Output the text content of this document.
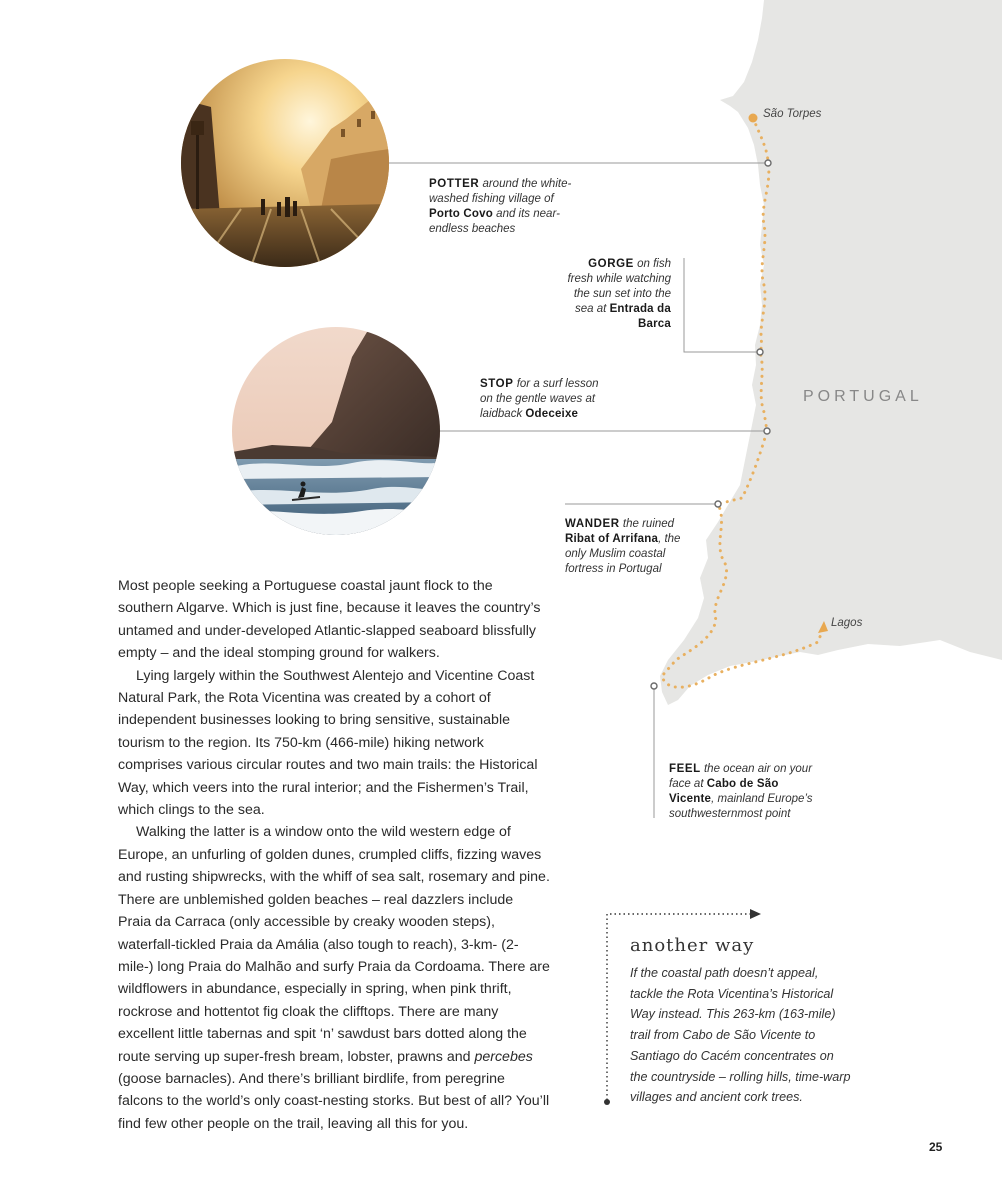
São Torpes
Lagos
PORTUGAL
POTTER around the white-washed fishing village of Porto Covo and its near-endless beaches
GORGE on fish fresh while watching the sun set into the sea at Entrada da Barca
STOP for a surf lesson on the gentle waves at laidback Odeceixe
WANDER the ruined Ribat of Arrifana, the only Muslim coastal fortress in Portugal
FEEL the ocean air on your face at Cabo de São Vicente, mainland Europe’s southwesternmost point

Most people seeking a Portuguese coastal jaunt flock to the southern Algarve. Which is just fine, because it leaves the country’s untamed and under-developed Atlantic-slapped seaboard blissfully empty – and the ideal stomping ground for walkers.

Lying largely within the Southwest Alentejo and Vicentine Coast Natural Park, the Rota Vicentina was created by a cohort of independent businesses looking to bring sensitive, sustainable tourism to the region. Its 750-km (466-mile) hiking network comprises various circular routes and two main trails: the Historical Way, which veers into the rural interior; and the Fishermen’s Trail, which clings to the sea.

Walking the latter is a window onto the wild western edge of Europe, an unfurling of golden dunes, crumpled cliffs, fizzing waves and rusting shipwrecks, with the whiff of sea salt, rosemary and pine. There are unblemished golden beaches – real dazzlers include Praia da Carraca (only accessible by creaky wooden steps), waterfall-tickled Praia da Amália (also tough to reach), 3-km- (2-mile-) long Praia do Malhão and surfy Praia da Cordoama. There are wildflowers in abundance, especially in spring, when pink thrift, rockrose and hottentot fig cloak the clifftops. There are many excellent little tabernas and spit ‘n’ sawdust bars dotted along the route serving up super-fresh bream, lobster, prawns and percebes (goose barnacles). And there’s brilliant birdlife, from peregrine falcons to the world’s only coast-nesting storks. But best of all? You’ll find few other people on the trail, leaving all this for you.

another way
If the coastal path doesn’t appeal, tackle the Rota Vicentina’s Historical Way instead. This 263-km (163-mile) trail from Cabo de São Vicente to Santiago do Cacém concentrates on the countryside – rolling hills, time-warp villages and ancient cork trees.
25
